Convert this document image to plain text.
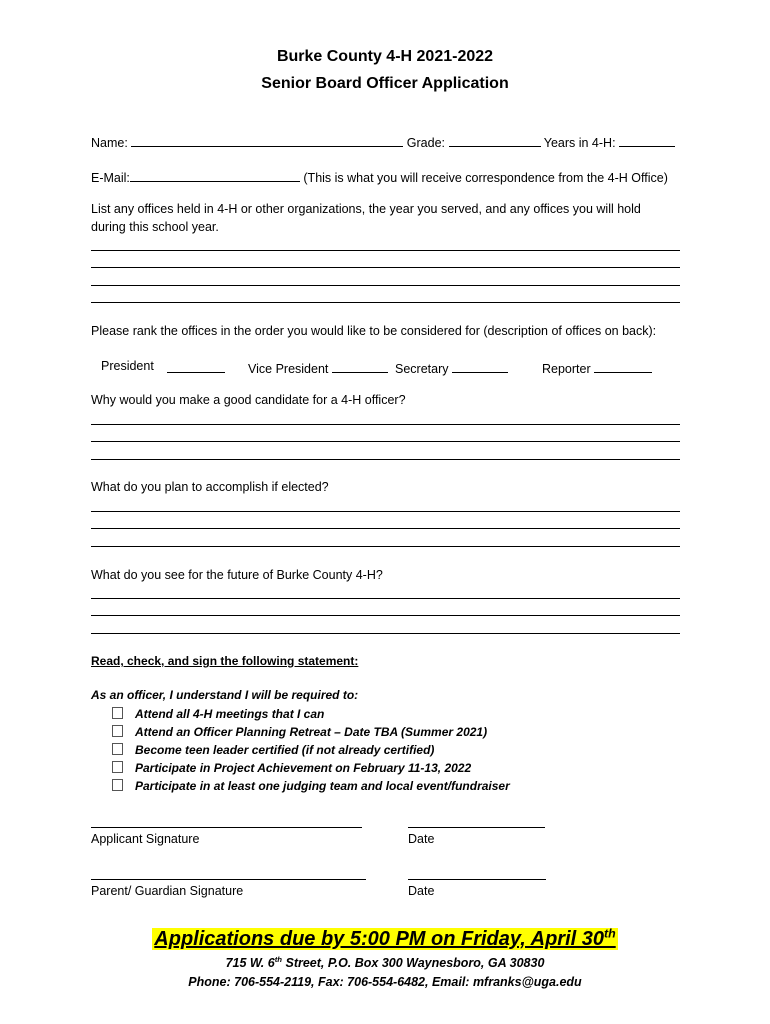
Burke County 4-H 2021-2022
Senior Board Officer Application
Name:	Grade:	Years in 4-H:
E-Mail:	(This is what you will receive correspondence from the 4-H Office)
List any offices held in 4-H or other organizations, the year you served, and any offices you will hold
during this school year.
Please rank the offices in the order you would like to be considered for (description of offices on back):
President	Vice President	Secretary	Reporter
Why would you make a good candidate for a 4-H officer?
What do you plan to accomplish if elected?
What do you see for the future of Burke County 4-H?
Read, check, and sign the following statement:
As an officer, I understand I will be required to:
Attend all 4-H meetings that I can
Attend an Officer Planning Retreat – Date TBA (Summer 2021)
Become teen leader certified (if not already certified)
Participate in Project Achievement on February 11-13, 2022
Participate in at least one judging team and local event/fundraiser
Applicant Signature	Date
Parent/ Guardian Signature	Date
Applications due by 5:00 PM on Friday, April 30th
715 W. 6th Street, P.O. Box 300 Waynesboro, GA 30830
Phone: 706-554-2119, Fax: 706-554-6482, Email: mfranks@uga.edu
